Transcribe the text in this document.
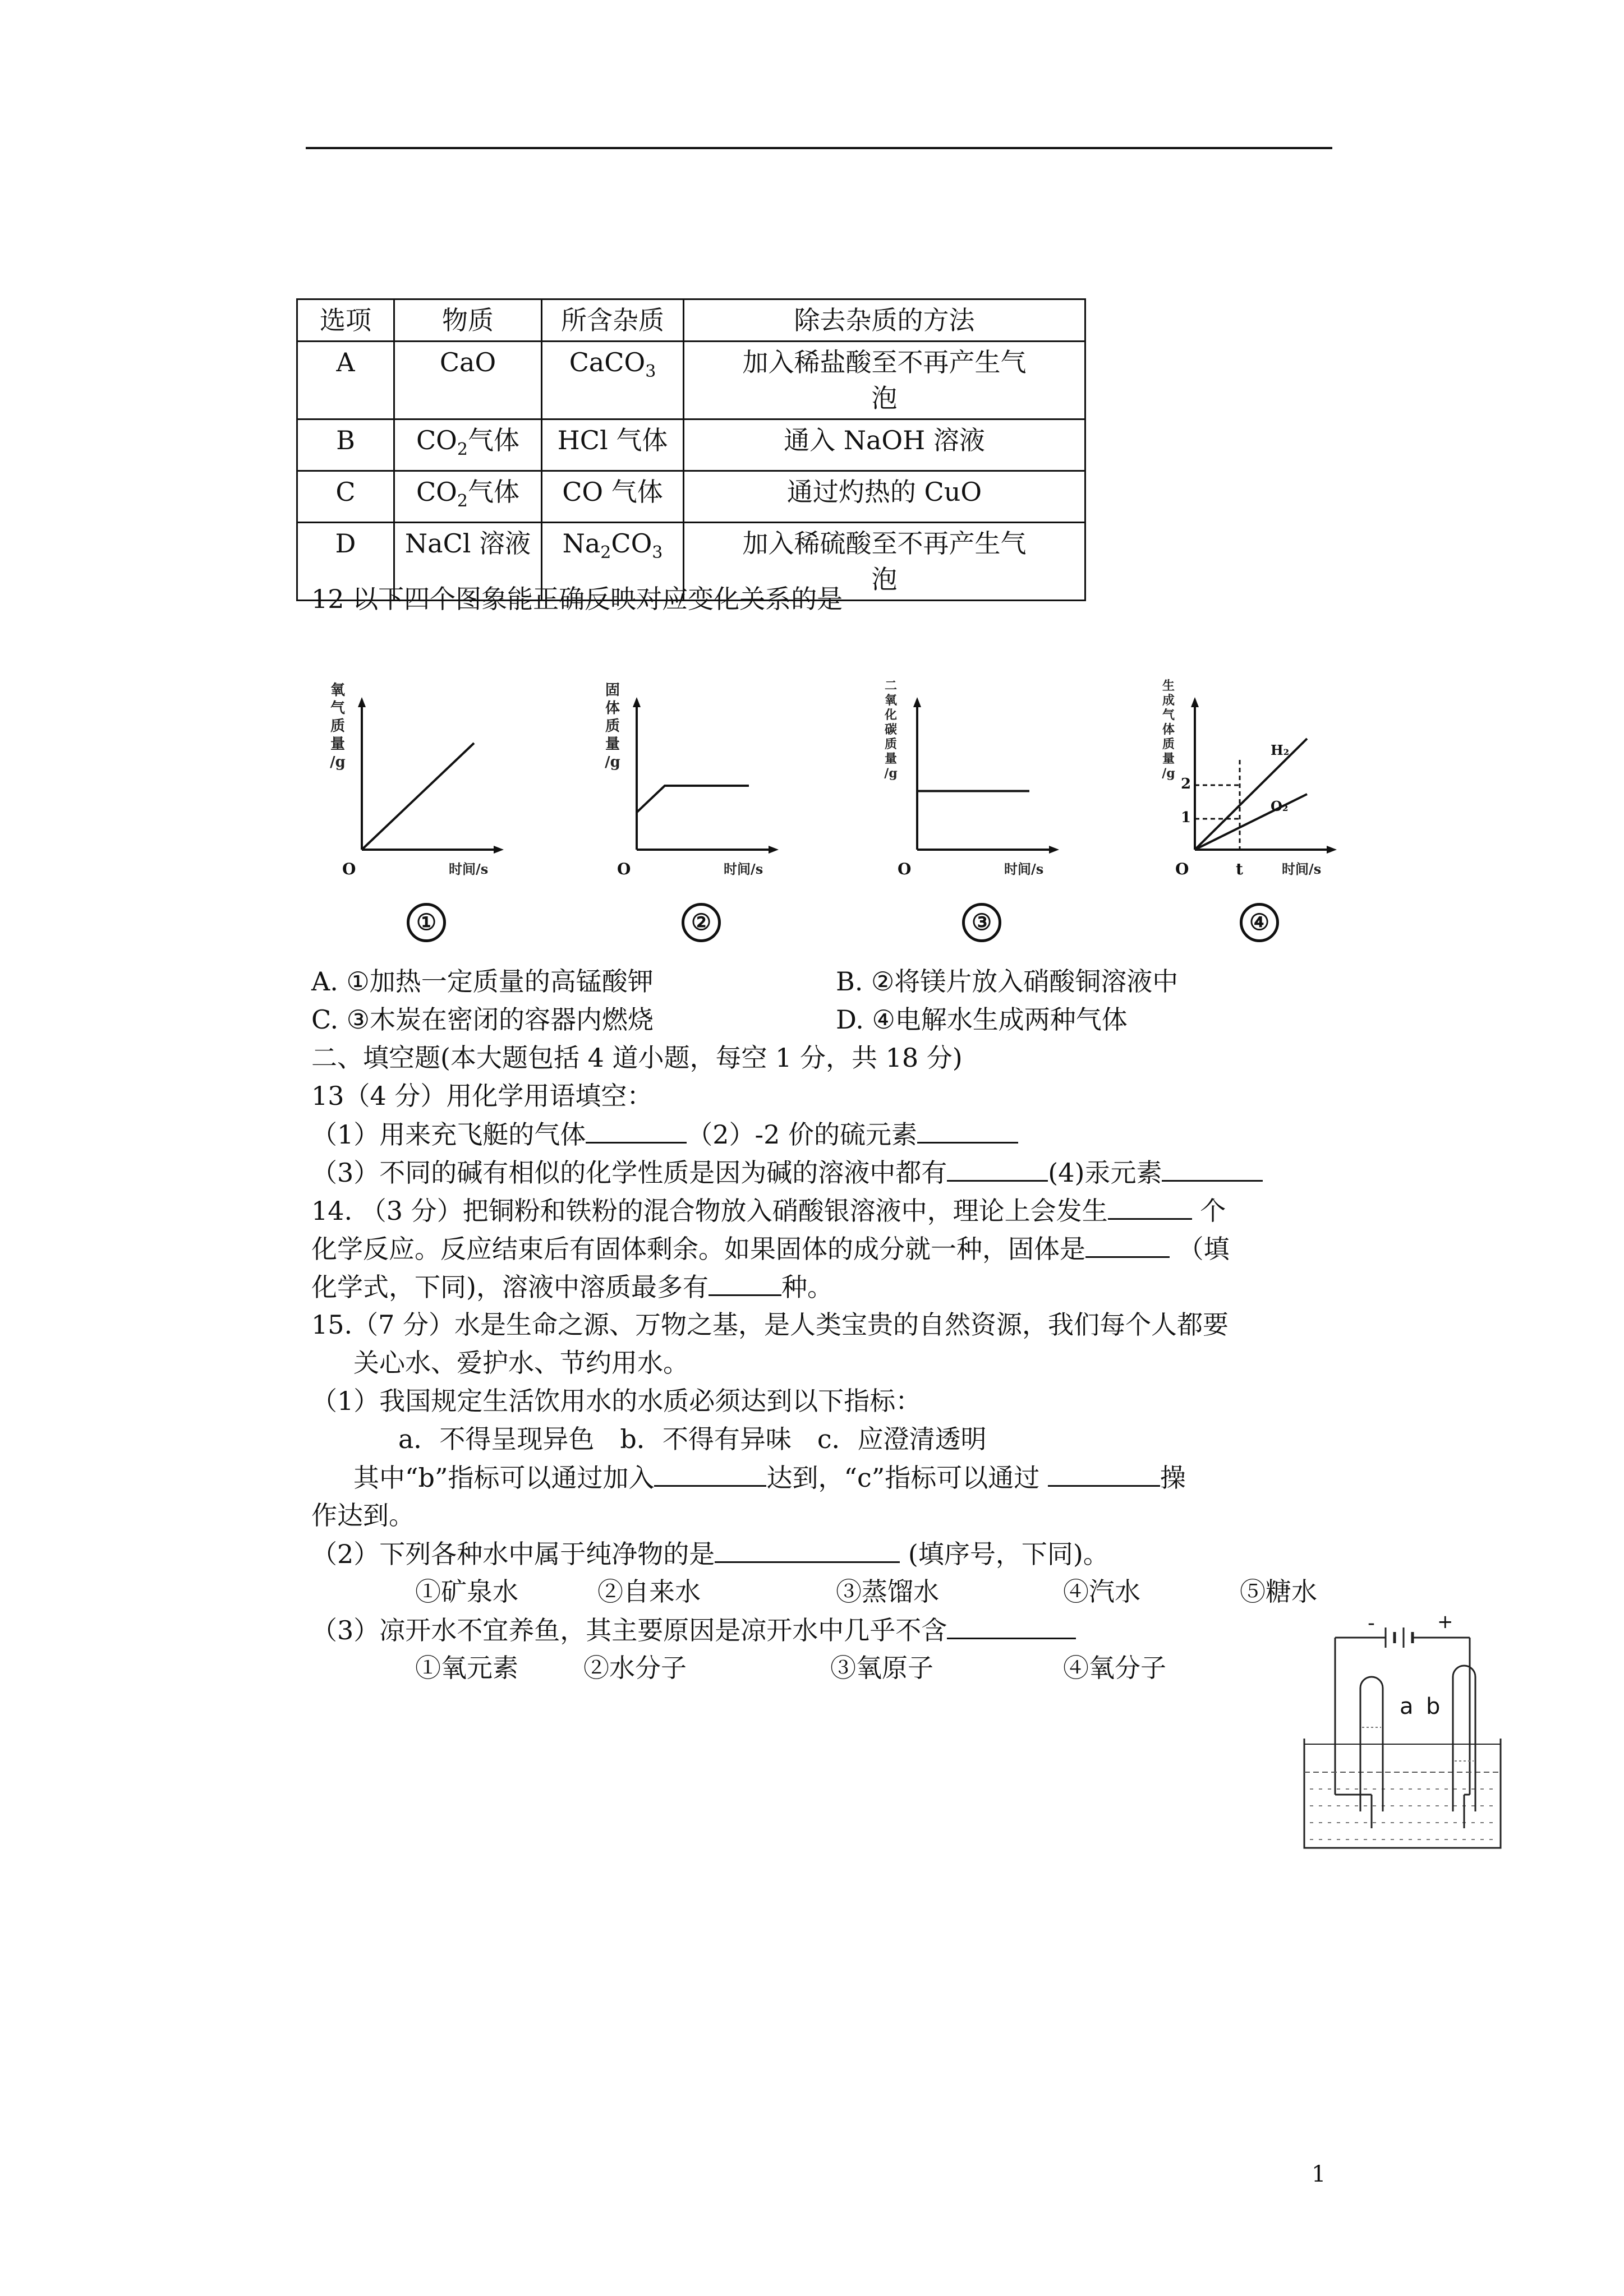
选项	物质	所含杂质	除去杂质的方法
A	CaO	CaCO$_3$	加入稀盐酸至不再产生气
泡

B	$CO_2$气体	HCl 气体	通入 NaOH 溶液

C	$CO_2$气体	CO 气体	通过灼热的 CuO

D	NaCl 溶液	$Na_2CO_3$	加入稀硫酸至不再产生气
泡
12 以下四个图象能正确反映对应变化关系的是
氧
气
质
量
/g
O	时间/s
①
固
体
质
量
/g
O	时间/s
②
二
氧
化
碳
质
量
/g
O	时间/s
③
生
成
气
体
质
量
/g
2
1
H₂
O₂
O	t	时间/s
④
A. ①加热一定质量的高锰酸钾	B. ②将镁片放入硝酸铜溶液中
C. ③木炭在密闭的容器内燃烧	D. ④电解水生成两种气体
二、填空题(本大题包括 4 道小题，每空 1 分，共 18 分)
13（4 分）用化学用语填空：
（1）用来充飞艇的气体	（2）-2 价的硫元素
（3）不同的碱有相似的化学性质是因为碱的溶液中都有	(4)汞元素
14. （3 分）把铜粉和铁粉的混合物放入硝酸银溶液中，理论上会发生	个
化学反应。反应结束后有固体剩余。如果固体的成分就一种，固体是	（填
化学式，下同)，溶液中溶质最多有	种。
15.（7 分）水是生命之源、万物之基，是人类宝贵的自然资源，我们每个人都要
关心水、爱护水、节约用水。
（1）我国规定生活饮用水的水质必须达到以下指标：
a．不得呈现异色　b．不得有异味　c．应澄清透明
其中“b”指标可以通过加入	达到，“c”指标可以通过	操
作达到。
（2）下列各种水中属于纯净物的是	(填序号，下同)。
①矿泉水	②自来水	③蒸馏水	④汽水	⑤糖水
（3）凉开水不宜养鱼，其主要原因是凉开水中几乎不含
①氧元素	②水分子	③氧原子	④氧分子
-	+
a b
1
